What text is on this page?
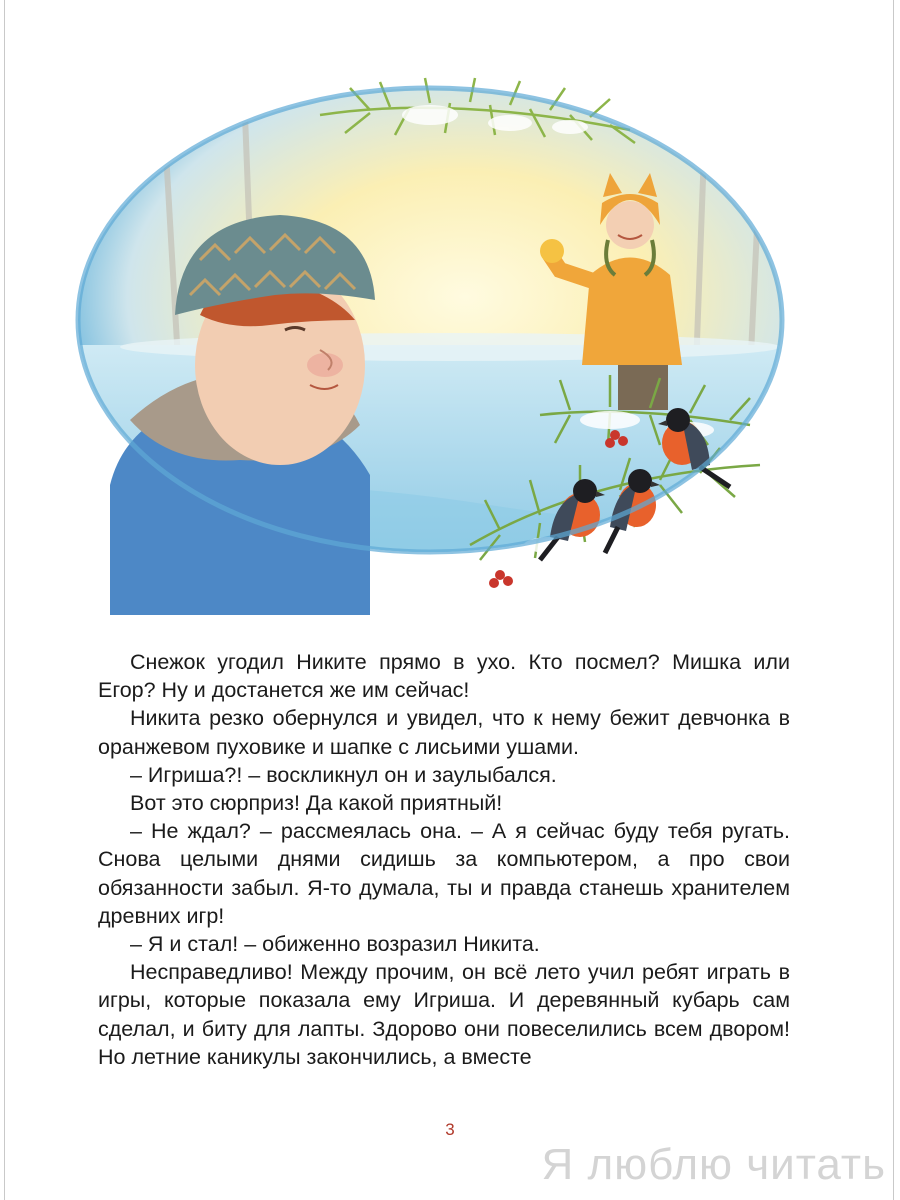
Снежок угодил Никите прямо в ухо. Кто посмел? Мишка или Егор? Ну и достанется же им сейчас!

Никита резко обернулся и увидел, что к нему бежит девчонка в оранжевом пуховике и шапке с лисьими ушами.

– Игриша?! – воскликнул он и заулыбался.

Вот это сюрприз! Да какой приятный!

– Не ждал? – рассмеялась она. – А я сейчас буду тебя ругать. Снова целыми днями сидишь за компьютером, а про свои обязанности забыл. Я-то думала, ты и правда станешь хранителем древних игр!

– Я и стал! – обиженно возразил Никита.

Несправедливо! Между прочим, он всё лето учил ребят играть в игры, которые показала ему Игриша. И деревянный кубарь сам сделал, и биту для лапты. Здорово они повеселились всем двором! Но летние каникулы закончились, а вместе

3
Я люблю читать
